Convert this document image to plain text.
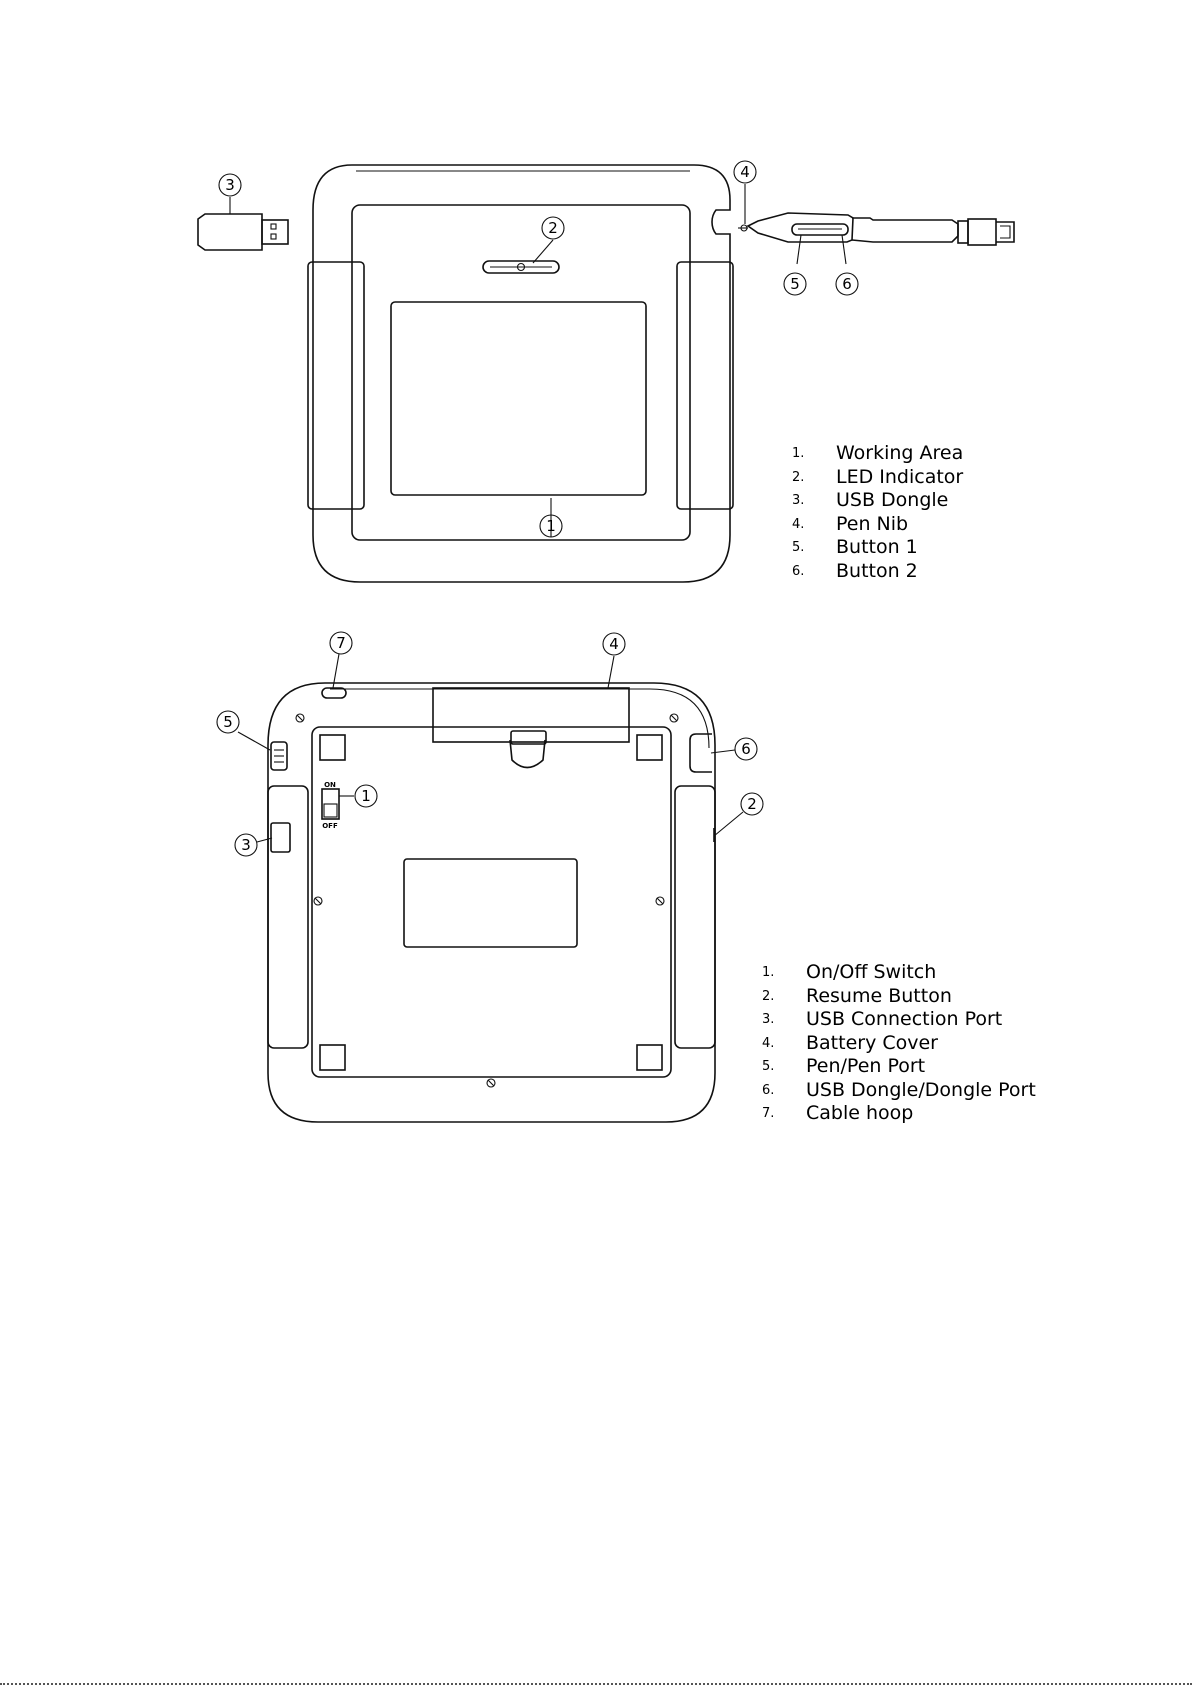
1
2
3
4
5	6
ON
OFF
1	2
3
4
5
6
7
1. Working Area
2. LED Indicator
3. USB Dongle
4. Pen Nib
5. Button 1
6. Button 2
1. On/Off Switch
2. Resume Button
3. USB Connection Port
4. Battery Cover
5. Pen/Pen Port
6. USB Dongle/Dongle Port
7. Cable hoop
